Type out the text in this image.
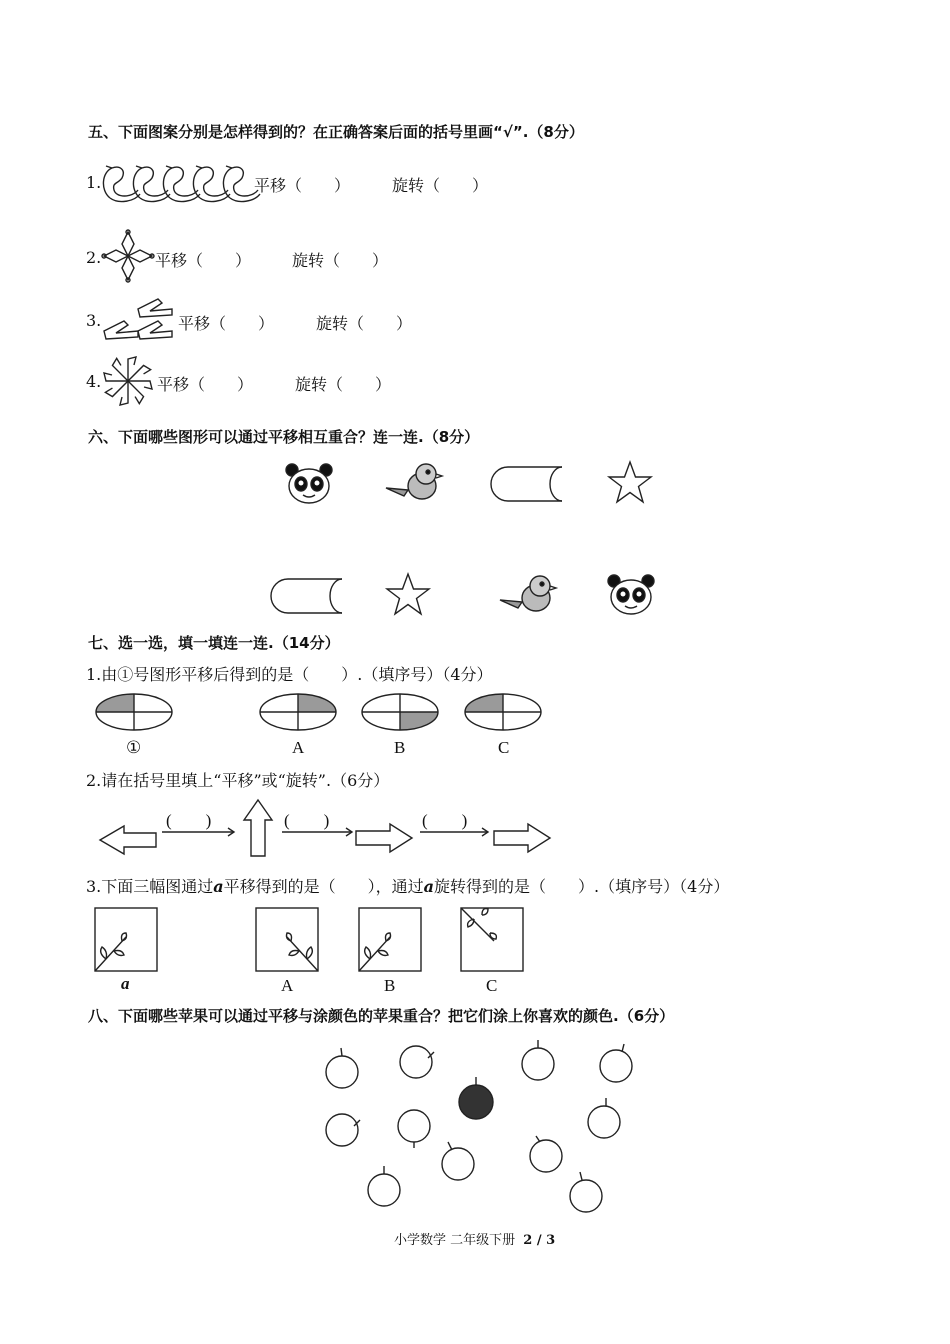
五、下面图案分别是怎样得到的？在正确答案后面的括号里画“√”.（8分）
1.	平移（　　）	旋转（　　）
2.	平移（　　）	旋转（　　）
3.	平移（　　）	旋转（　　）
4.	平移（　　）	旋转（　　）
六、下面哪些图形可以通过平移相互重合？连一连.（8分）
七、选一选，填一填连一连.（14分）
1.由①号图形平移后得到的是（　　）.（填序号）（4分）
①	A	B	C
2.请在括号里填上“平移”或“旋转”.（6分）
(　　)	(　　)	(　　)
3.下面三幅图通过a平移得到的是（　　），通过a旋转得到的是（　　）.（填序号）（4分）
a	A	B	C
八、下面哪些苹果可以通过平移与涂颜色的苹果重合？把它们涂上你喜欢的颜色.（6分）
小学数学 二年级下册 2 / 3
